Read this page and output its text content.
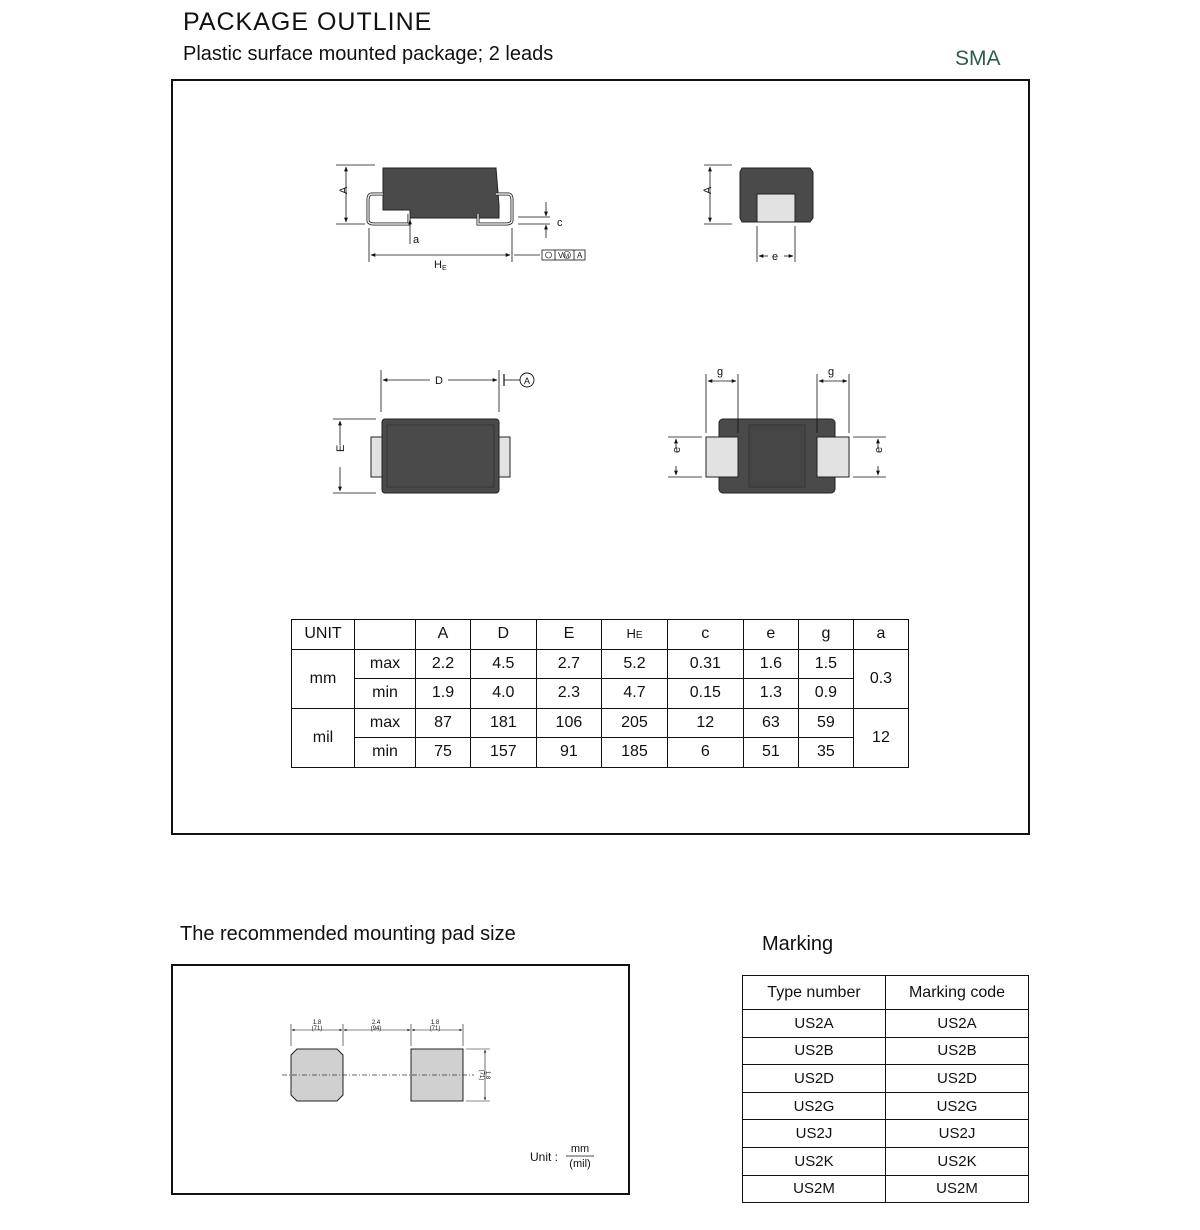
PACKAGE OUTLINE
Plastic surface mounted package; 2 leads	SMA
A
a
c
HE
V M A
A
e
D	A
E
g	g
e	e
UNIT		A	D	E	HE	c	e	g	a
mm	max	2.2	4.5	2.7	5.2	0.31	1.6	1.5	0.3
	min	1.9	4.0	2.3	4.7	0.15	1.3	0.9	
mil	max	87	181	106	205	12	63	59	12
	min	75	157	91	185	6	51	35	
The recommended mounting pad size
1.8
(71)
2.4
(94)
1.8
(71)
1.8
(71)
Unit :
mm
(mil)
Marking
Type number	Marking code
US2A	US2A
US2B	US2B
US2D	US2D
US2G	US2G
US2J	US2J
US2K	US2K
US2M	US2M
